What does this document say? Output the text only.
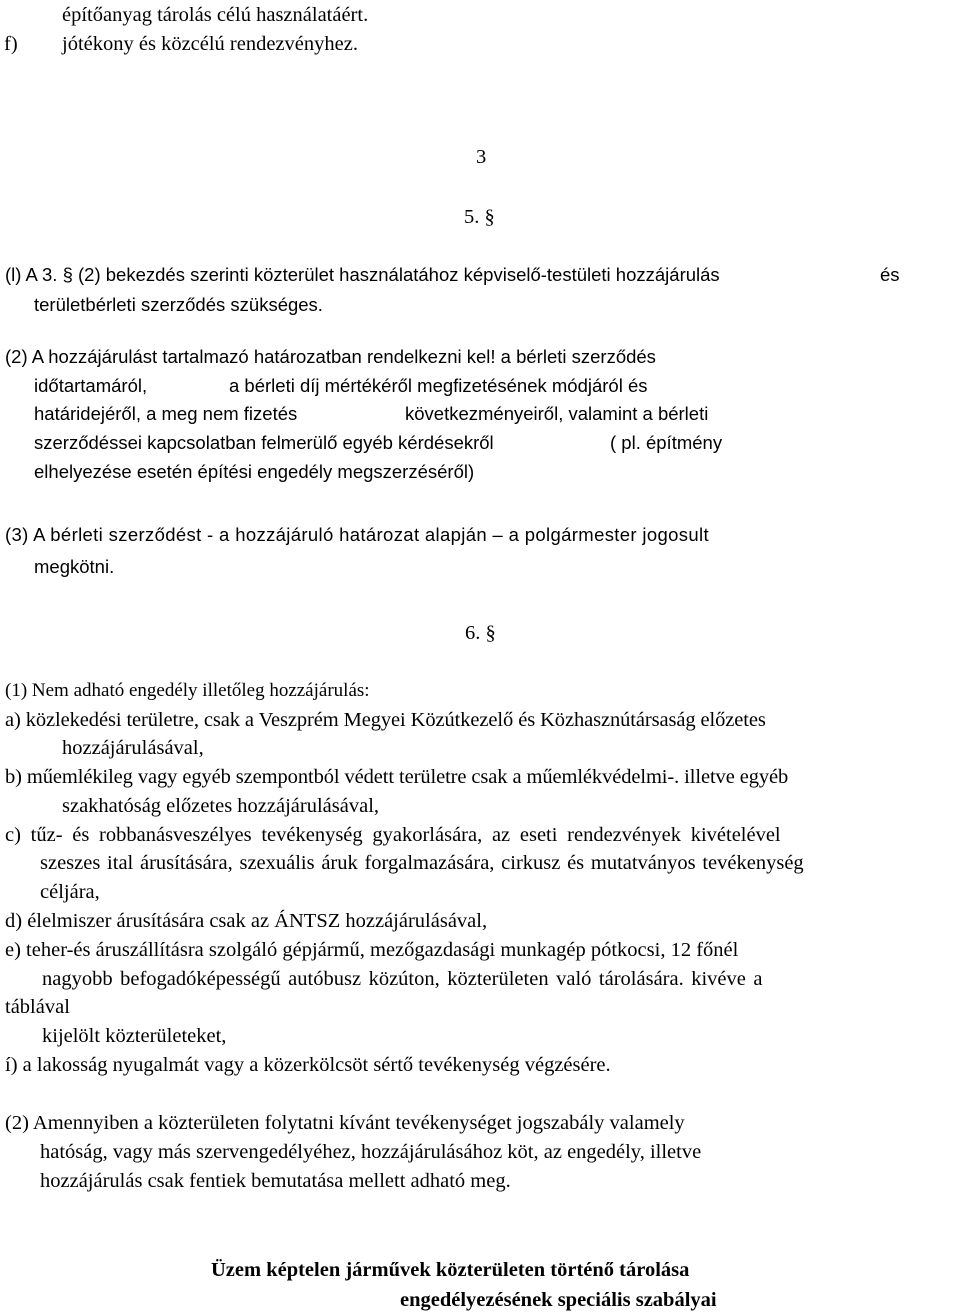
építőanyag tárolás célú használatáért.
f) jótékony és közcélú rendezvényhez.
3
5. §
(l) A 3. § (2) bekezdés szerinti közterület használatához képviselő-testületi hozzájárulás	és
területbérleti szerződés szükséges.
(2) A hozzájárulást tartalmazó határozatban rendelkezni kel! a bérleti szerződés
időtartamáról,	a bérleti díj mértékéről megfizetésének módjáról és
határidejéről, a meg nem fizetés	következményeiről, valamint a bérleti
szerződéssei kapcsolatban felmerülő egyéb kérdésekről	( pl. építmény
elhelyezése esetén építési engedély megszerzéséről)
(3) A bérleti szerződést - a hozzájáruló határozat alapján – a polgármester jogosult
megkötni.
6. §
(1) Nem adható engedély illetőleg hozzájárulás:
a) közlekedési területre, csak a Veszprém Megyei Közútkezelő és Közhasznútársaság előzetes
hozzájárulásával,
b) műemlékileg vagy egyéb szempontból védett területre csak a műemlékvédelmi-. illetve egyéb
szakhatóság előzetes hozzájárulásával,
c) tűz- és robbanásveszélyes tevékenység gyakorlására, az eseti rendezvények kivételével
szeszes ital árusítására, szexuális áruk forgalmazására, cirkusz és mutatványos tevékenység
céljára,
d) élelmiszer árusítására csak az ÁNTSZ hozzájárulásával,
e) teher-és áruszállításra szolgáló gépjármű, mezőgazdasági munkagép pótkocsi, 12 főnél
nagyobb befogadóképességű autóbusz közúton, közterületen való tárolására. kivéve a
táblával
kijelölt közterületeket,
í) a lakosság nyugalmát vagy a közerkölcsöt sértő tevékenység végzésére.
(2) Amennyiben a közterületen folytatni kívánt tevékenységet jogszabály valamely
hatóság, vagy más szervengedélyéhez, hozzájárulásához köt, az engedély, illetve
hozzájárulás csak fentiek bemutatása mellett adható meg.
Üzem képtelen járművek közterületen történő tárolása
engedélyezésének speciális szabályai
